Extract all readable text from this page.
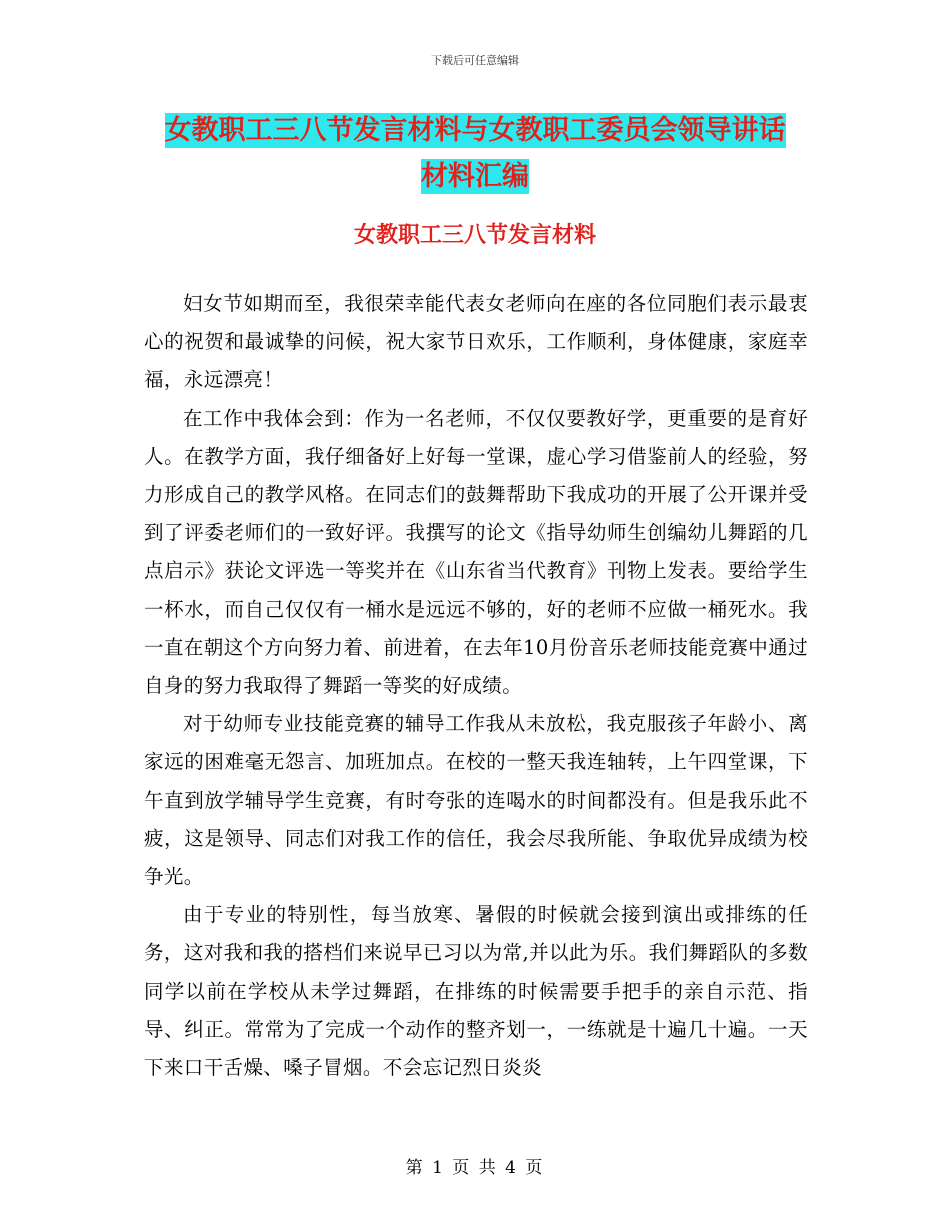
下载后可任意编辑
女教职工三八节发言材料与女教职工委员会领导讲话
材料汇编
女教职工三八节发言材料

妇女节如期而至，我很荣幸能代表女老师向在座的各位同胞们表示最衷心的祝贺和最诚挚的问候，祝大家节日欢乐，工作顺利，身体健康，家庭幸福，永远漂亮！

在工作中我体会到：作为一名老师，不仅仅要教好学，更重要的是育好人。在教学方面，我仔细备好上好每一堂课，虚心学习借鉴前人的经验，努力形成自己的教学风格。在同志们的鼓舞帮助下我成功的开展了公开课并受到了评委老师们的一致好评。我撰写的论文《指导幼师生创编幼儿舞蹈的几点启示》获论文评选一等奖并在《山东省当代教育》刊物上发表。要给学生一杯水，而自己仅仅有一桶水是远远不够的，好的老师不应做一桶死水。我一直在朝这个方向努力着、前进着，在去年10月份音乐老师技能竞赛中通过自身的努力我取得了舞蹈一等奖的好成绩。

对于幼师专业技能竞赛的辅导工作我从未放松，我克服孩子年龄小、离家远的困难毫无怨言、加班加点。在校的一整天我连轴转，上午四堂课，下午直到放学辅导学生竞赛，有时夸张的连喝水的时间都没有。但是我乐此不疲，这是领导、同志们对我工作的信任，我会尽我所能、争取优异成绩为校争光。

由于专业的特别性，每当放寒、暑假的时候就会接到演出或排练的任务，这对我和我的搭档们来说早已习以为常,并以此为乐。我们舞蹈队的多数同学以前在学校从未学过舞蹈，在排练的时候需要手把手的亲自示范、指导、纠正。常常为了完成一个动作的整齐划一，一练就是十遍几十遍。一天下来口干舌燥、嗓子冒烟。不会忘记烈日炎炎

第 1 页 共 4 页
